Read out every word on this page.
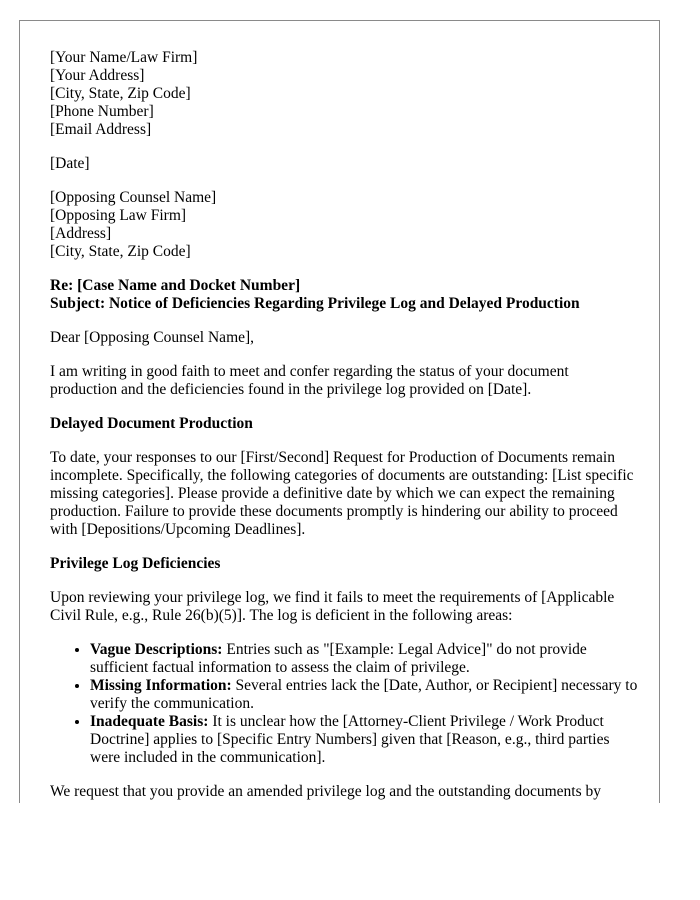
[Your Name/Law Firm]
[Your Address]
[City, State, Zip Code]
[Phone Number]
[Email Address]
[Date]
[Opposing Counsel Name]
[Opposing Law Firm]
[Address]
[City, State, Zip Code]
Re: [Case Name and Docket Number]
Subject: Notice of Deficiencies Regarding Privilege Log and Delayed Production

Dear [Opposing Counsel Name],

I am writing in good faith to meet and confer regarding the status of your document production and the deficiencies found in the privilege log provided on [Date].

Delayed Document Production

To date, your responses to our [First/Second] Request for Production of Documents remain incomplete. Specifically, the following categories of documents are outstanding: [List specific missing categories]. Please provide a definitive date by which we can expect the remaining production. Failure to provide these documents promptly is hindering our ability to proceed with [Depositions/Upcoming Deadlines].

Privilege Log Deficiencies

Upon reviewing your privilege log, we find it fails to meet the requirements of [Applicable Civil Rule, e.g., Rule 26(b)(5)]. The log is deficient in the following areas:

• Vague Descriptions: Entries such as "[Example: Legal Advice]" do not provide sufficient factual information to assess the claim of privilege.
• Missing Information: Several entries lack the [Date, Author, or Recipient] necessary to verify the communication.
• Inadequate Basis: It is unclear how the [Attorney-Client Privilege / Work Product Doctrine] applies to [Specific Entry Numbers] given that [Reason, e.g., third parties were included in the communication].

We request that you provide an amended privilege log and the outstanding documents by
